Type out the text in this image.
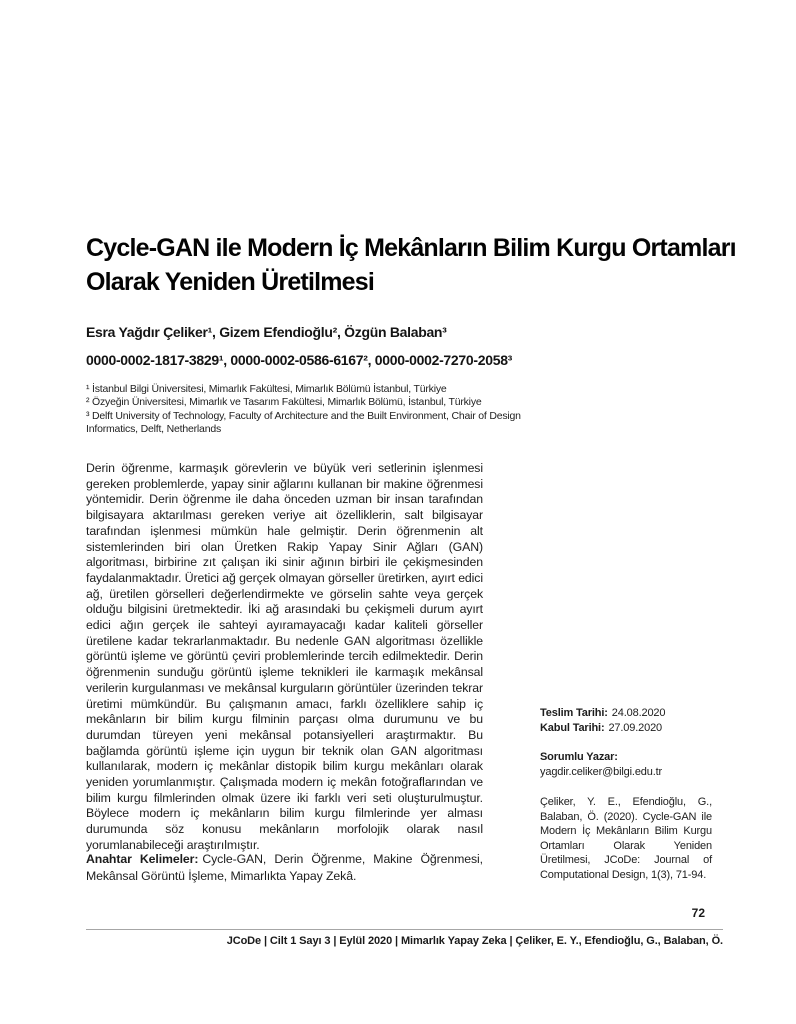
Cycle-GAN ile Modern İç Mekânların Bilim Kurgu Ortamları
Olarak Yeniden Üretilmesi

Esra Yağdır Çeliker¹, Gizem Efendioğlu², Özgün Balaban³

0000-0002-1817-3829¹, 0000-0002-0586-6167², 0000-0002-7270-2058³

¹ İstanbul Bilgi Üniversitesi, Mimarlık Fakültesi, Mimarlık Bölümü İstanbul, Türkiye

² Özyeğin Üniversitesi, Mimarlık ve Tasarım Fakültesi, Mimarlık Bölümü, İstanbul, Türkiye

³ Delft University of Technology, Faculty of Architecture and the Built Environment, Chair of Design Informatics, Delft, Netherlands

Derin öğrenme, karmaşık görevlerin ve büyük veri setlerinin işlenmesi gereken problemlerde, yapay sinir ağlarını kullanan bir makine öğrenmesi yöntemidir. Derin öğrenme ile daha önceden uzman bir insan tarafından bilgisayara aktarılması gereken veriye ait özelliklerin, salt bilgisayar tarafından işlenmesi mümkün hale gelmiştir. Derin öğrenmenin alt sistemlerinden biri olan Üretken Rakip Yapay Sinir Ağları (GAN) algoritması, birbirine zıt çalışan iki sinir ağının birbiri ile çekişmesinden faydalanmaktadır. Üretici ağ gerçek olmayan görseller üretirken, ayırt edici ağ, üretilen görselleri değerlendirmekte ve görselin sahte veya gerçek olduğu bilgisini üretmektedir. İki ağ arasındaki bu çekişmeli durum ayırt edici ağın gerçek ile sahteyi ayıramayacağı kadar kaliteli görseller üretilene kadar tekrarlanmaktadır. Bu nedenle GAN algoritması özellikle görüntü işleme ve görüntü çeviri problemlerinde tercih edilmektedir. Derin öğrenmenin sunduğu görüntü işleme teknikleri ile karmaşık mekânsal verilerin kurgulanması ve mekânsal kurguların görüntüler üzerinden tekrar üretimi mümkündür. Bu çalışmanın amacı, farklı özelliklere sahip iç mekânların bir bilim kurgu filminin parçası olma durumunu ve bu durumdan türeyen yeni mekânsal potansiyelleri araştırmaktır. Bu bağlamda görüntü işleme için uygun bir teknik olan GAN algoritması kullanılarak, modern iç mekânlar distopik bilim kurgu mekânları olarak yeniden yorumlanmıştır. Çalışmada modern iç mekân fotoğraflarından ve bilim kurgu filmlerinden olmak üzere iki farklı veri seti oluşturulmuştur. Böylece modern iç mekânların bilim kurgu filmlerinde yer alması durumunda söz konusu mekânların morfolojik olarak nasıl yorumlanabileceği araştırılmıştır.

Anahtar Kelimeler: Cycle-GAN, Derin Öğrenme, Makine Öğrenmesi, Mekânsal Görüntü İşleme, Mimarlıkta Yapay Zekâ.

Teslim Tarihi: 24.08.2020

Kabul Tarihi: 27.09.2020

Sorumlu Yazar:

yagdir.celiker@bilgi.edu.tr

Çeliker, Y. E., Efendioğlu, G., Balaban, Ö. (2020). Cycle-GAN ile Modern İç Mekânların Bilim Kurgu Ortamları Olarak Yeniden Üretilmesi, JCoDe: Journal of Computational Design, 1(3), 71-94.

72

JCoDe | Cilt 1 Sayı 3 | Eylül 2020 | Mimarlık Yapay Zeka | Çeliker, E. Y., Efendioğlu, G., Balaban, Ö.
